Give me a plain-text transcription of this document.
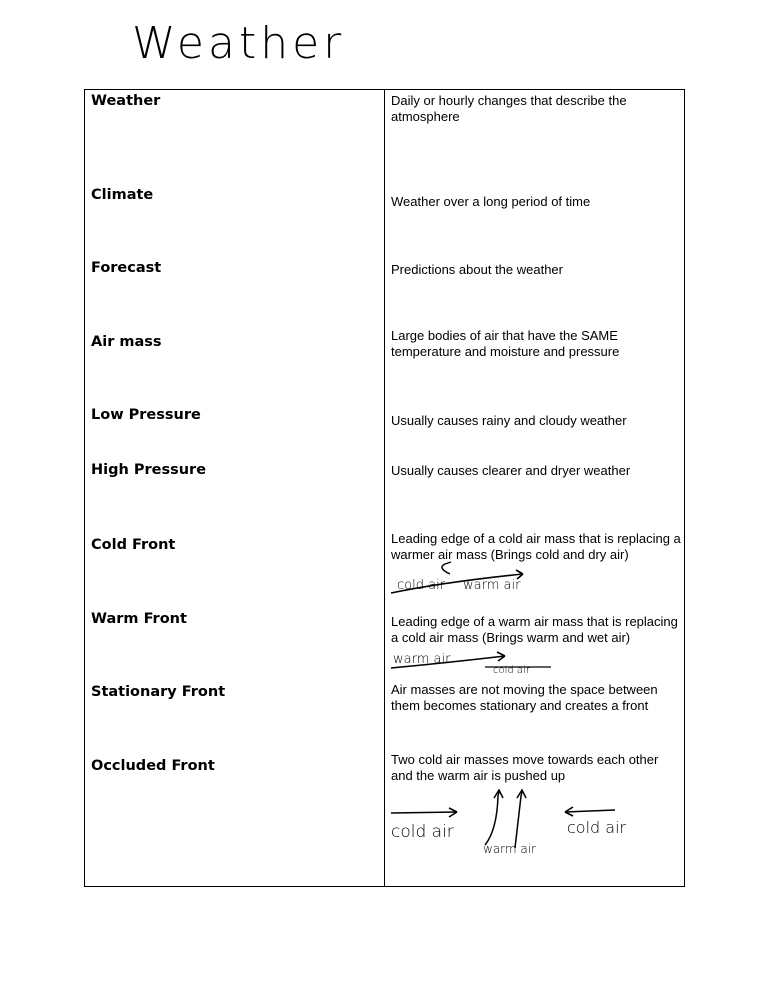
Weather
Weather	Daily or hourly changes that describe the atmosphere
Climate	Weather over a long period of time
Forecast	Predictions about the weather
Air mass	Large bodies of air that have the SAME temperature and moisture and pressure
Low Pressure	Usually causes rainy and cloudy weather
High Pressure	Usually causes clearer and dryer weather
Cold Front	Leading edge of a cold air mass that is replacing a warmer air mass (Brings cold and dry air)
cold air warm air
Warm Front	Leading edge of a warm air mass that is replacing a cold air mass (Brings warm and wet air)
warm air
cold air
Stationary Front	Air masses are not moving the space between them becomes stationary and creates a front
Occluded Front	Two cold air masses move towards each other and the warm air is pushed up
cold air
warm air
cold air
